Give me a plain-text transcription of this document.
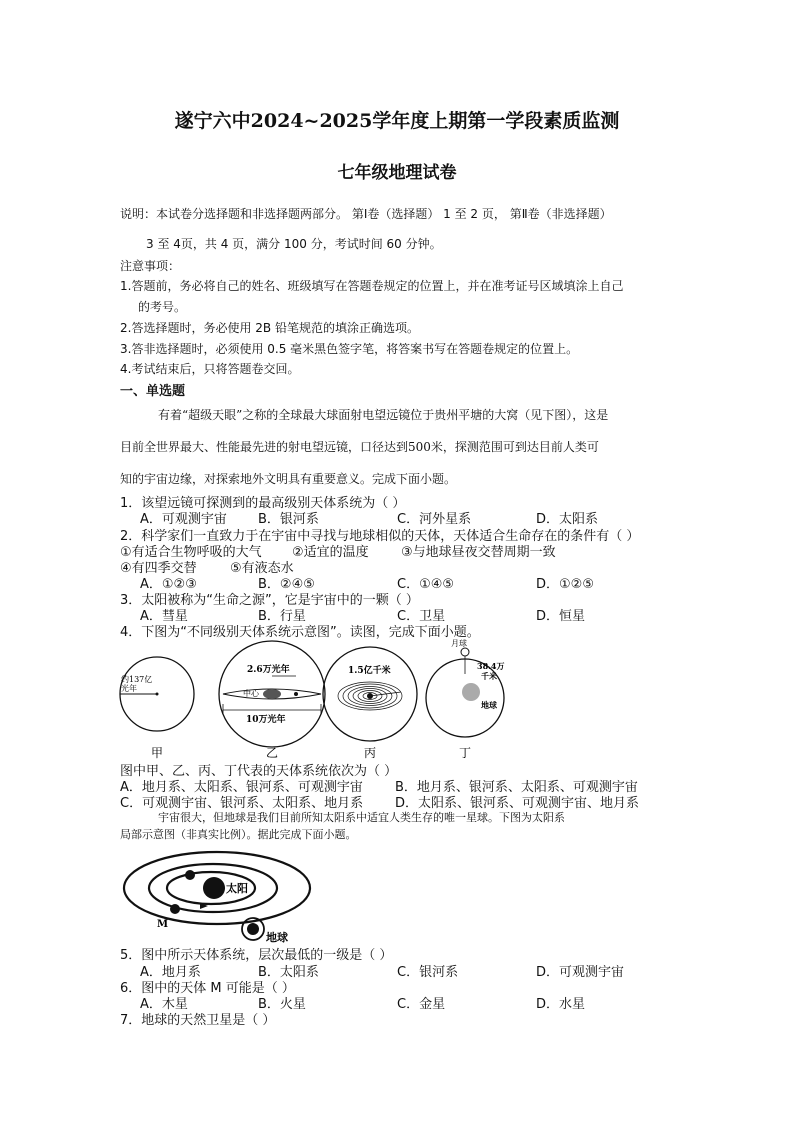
遂宁六中2024~2025学年度上期第一学段素质监测
七年级地理试卷
说明：本试卷分选择题和非选择题两部分。 第Ⅰ卷（选择题） 1 至 2 页， 第Ⅱ卷（非选择题）
3 至 4页，共 4 页，满分 100 分，考试时间 60 分钟。
注意事项：
1.答题前，务必将自己的姓名、班级填写在答题卷规定的位置上，并在准考证号区域填涂上自己
的考号。
2.答选择题时，务必使用 2B 铅笔规范的填涂正确选项。
3.答非选择题时，必须使用 0.5 毫米黑色签字笔，将答案书写在答题卷规定的位置上。
4.考试结束后，只将答题卷交回。
一、单选题
有着“超级天眼”之称的全球最大球面射电望远镜位于贵州平塘的大窝（见下图），这是
目前全世界最大、性能最先进的射电望远镜，口径达到500米，探测范围可到达目前人类可
知的宇宙边缘，对探索地外文明具有重要意义。完成下面小题。
1．该望远镜可探测到的最高级别天体系统为（ ）
A．可观测宇宙 B．银河系	C．河外星系	D．太阳系
2．科学家们一直致力于在宇宙中寻找与地球相似的天体，天体适合生命存在的条件有（ ）
①有适合生物呼吸的大气 ②适宜的温度 ③与地球昼夜交替周期一致
④有四季交替	⑤有液态水
A．①②③	B．②④⑤	C．①④⑤	D．①②⑤
3．太阳被称为“生命之源”，它是宇宙中的一颗（ ）
A．彗星	B．行星	C．卫星	D．恒星
4．下图为“不同级别天体系统示意图”。读图，完成下面小题。
约137亿
光年
2.6万光年
中心
10万光年
1.5亿千米
月球
38.4万
千米
地球
甲	乙	丙	丁
图中甲、乙、丙、丁代表的天体系统依次为（ ）
A．地月系、太阳系、银河系、可观测宇宙 B．地月系、银河系、太阳系、可观测宇宙
C．可观测宇宙、银河系、太阳系、地月系 D．太阳系、银河系、可观测宇宙、地月系
宇宙很大，但地球是我们目前所知太阳系中适宜人类生存的唯一星球。下图为太阳系
局部示意图（非真实比例）。据此完成下面小题。
太阳
M
地球
5．图中所示天体系统，层次最低的一级是（ ）
A．地月系	B．太阳系	C．银河系	D．可观测宇宙
6．图中的天体 M 可能是（ ）
A．木星	B．火星	C．金星	D．水星
7．地球的天然卫星是（ ）
